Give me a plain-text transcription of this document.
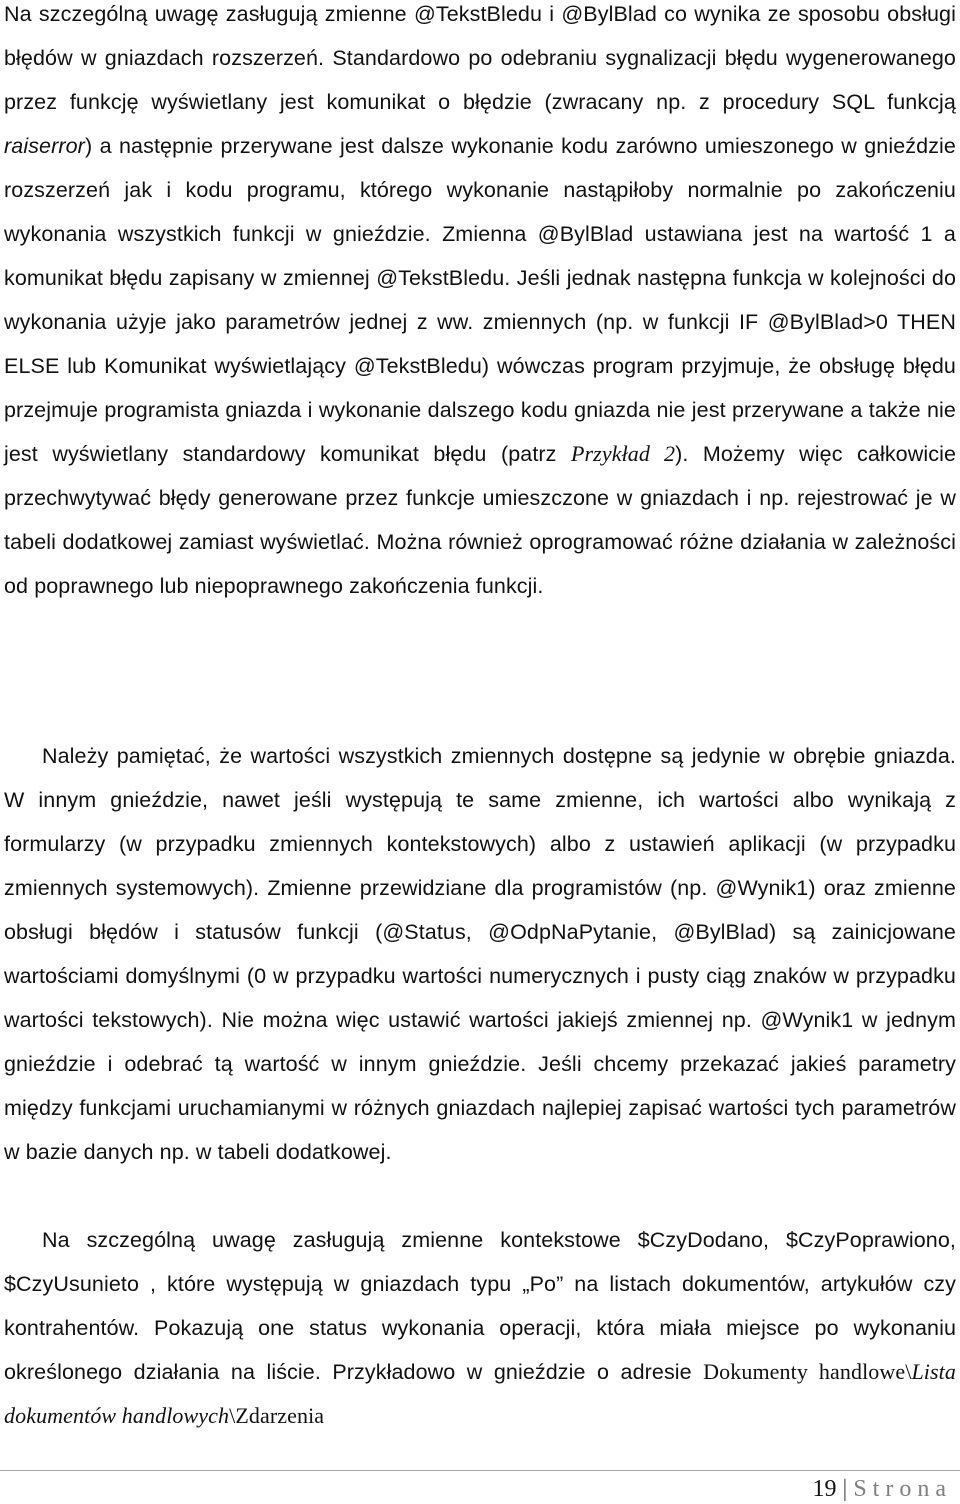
Na szczególną uwagę zasługują zmienne @TekstBledu i @BylBlad co wynika ze sposobu obsługi błędów w gniazdach rozszerzeń. Standardowo po odebraniu sygnalizacji błędu wygenerowanego przez funkcję wyświetlany jest komunikat o błędzie (zwracany np. z procedury SQL funkcją raiserror) a następnie przerywane jest dalsze wykonanie kodu zarówno umieszonego w gnieździe rozszerzeń jak i kodu programu, którego wykonanie nastąpiłoby normalnie po zakończeniu wykonania wszystkich funkcji w gnieździe. Zmienna @BylBlad ustawiana jest na wartość 1 a komunikat błędu zapisany w zmiennej @TekstBledu. Jeśli jednak następna funkcja w kolejności do wykonania użyje jako parametrów jednej z ww. zmiennych (np. w funkcji IF @BylBlad>0 THEN ELSE lub Komunikat wyświetlający @TekstBledu) wówczas program przyjmuje, że obsługę błędu przejmuje programista gniazda i wykonanie dalszego kodu gniazda nie jest przerywane a także nie jest wyświetlany standardowy komunikat błędu (patrz Przykład 2). Możemy więc całkowicie przechwytywać błędy generowane przez funkcje umieszczone w gniazdach i np. rejestrować je w tabeli dodatkowej zamiast wyświetlać. Można również oprogramować różne działania w zależności od poprawnego lub niepoprawnego zakończenia funkcji.

Należy pamiętać, że wartości wszystkich zmiennych dostępne są jedynie w obrębie gniazda. W innym gnieździe, nawet jeśli występują te same zmienne, ich wartości albo wynikają z formularzy (w przypadku zmiennych kontekstowych) albo z ustawień aplikacji (w przypadku zmiennych systemowych). Zmienne przewidziane dla programistów (np. @Wynik1) oraz zmienne obsługi błędów i statusów funkcji (@Status, @OdpNaPytanie, @BylBlad) są zainicjowane wartościami domyślnymi (0 w przypadku wartości numerycznych i pusty ciąg znaków w przypadku wartości tekstowych). Nie można więc ustawić wartości jakiejś zmiennej np. @Wynik1 w jednym gnieździe i odebrać tą wartość w innym gnieździe. Jeśli chcemy przekazać jakieś parametry między funkcjami uruchamianymi w różnych gniazdach najlepiej zapisać wartości tych parametrów w bazie danych np. w tabeli dodatkowej.

Na szczególną uwagę zasługują zmienne kontekstowe $CzyDodano, $CzyPoprawiono, $CzyUsunieto , które występują w gniazdach typu „Po” na listach dokumentów, artykułów czy kontrahentów. Pokazują one status wykonania operacji, która miała miejsce po wykonaniu określonego działania na liście. Przykładowo w gnieździe o adresie Dokumenty handlowe\Lista dokumentów handlowych\Zdarzenia

19 | Strona
